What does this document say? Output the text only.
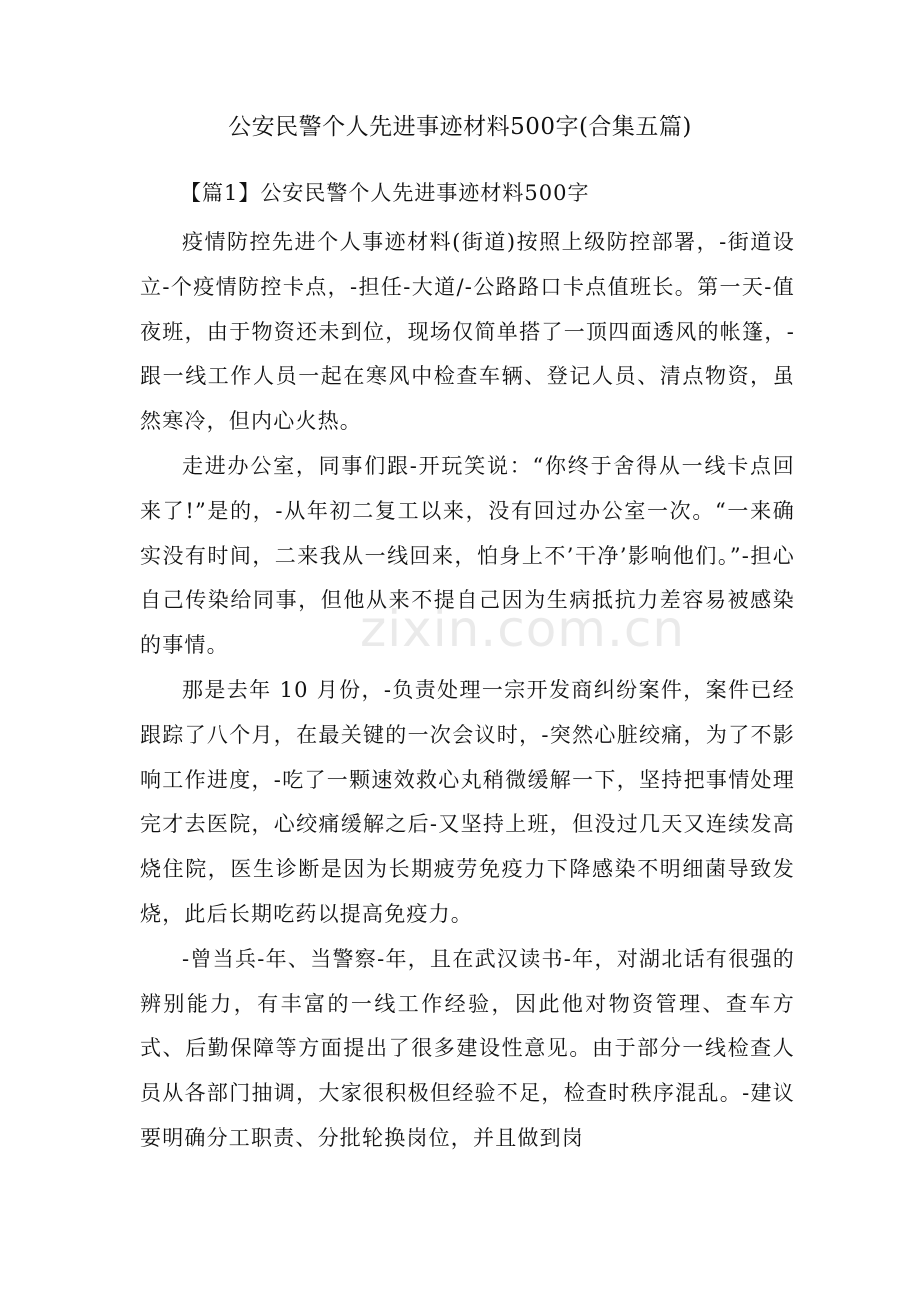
公安民警个人先进事迹材料500字(合集五篇)
【篇1】公安民警个人先进事迹材料500字

疫情防控先进个人事迹材料(街道)按照上级防控部署，-街道设立-个疫情防控卡点，-担任-大道/-公路路口卡点值班长。第一天-值夜班，由于物资还未到位，现场仅简单搭了一顶四面透风的帐篷，-跟一线工作人员一起在寒风中检查车辆、登记人员、清点物资，虽然寒冷，但内心火热。

走进办公室，同事们跟-开玩笑说：“你终于舍得从一线卡点回来了!”是的，-从年初二复工以来，没有回过办公室一次。“一来确实没有时间，二来我从一线回来，怕身上不’干净’影响他们。”-担心自己传染给同事，但他从来不提自己因为生病抵抗力差容易被感染的事情。

那是去年 10 月份，-负责处理一宗开发商纠纷案件，案件已经跟踪了八个月，在最关键的一次会议时，-突然心脏绞痛，为了不影响工作进度，-吃了一颗速效救心丸稍微缓解一下，坚持把事情处理完才去医院，心绞痛缓解之后-又坚持上班，但没过几天又连续发高烧住院，医生诊断是因为长期疲劳免疫力下降感染不明细菌导致发烧，此后长期吃药以提高免疫力。

-曾当兵-年、当警察-年，且在武汉读书-年，对湖北话有很强的辨别能力，有丰富的一线工作经验，因此他对物资管理、查车方式、后勤保障等方面提出了很多建设性意见。由于部分一线检查人员从各部门抽调，大家很积极但经验不足，检查时秩序混乱。-建议要明确分工职责、分批轮换岗位，并且做到岗

zixin.com.cn
